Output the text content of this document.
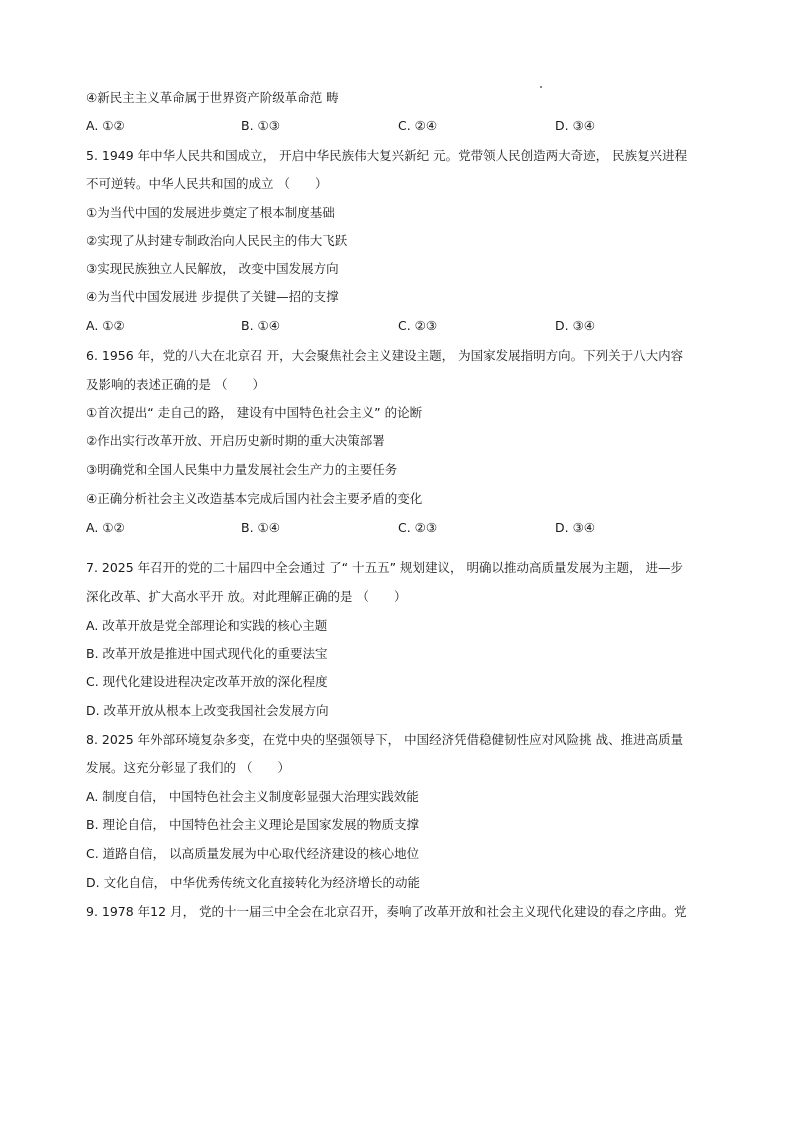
④新民主主义革命属于世界资产阶级革命范 畴
A. ①②	B. ①③	C. ②④	D. ③④
5. 1949 年中华人民共和国成立， 开启中华民族伟大复兴新纪 元。党带领人民创造两大奇迹， 民族复兴进程
不可逆转。中华人民共和国的成立 （　　）
①为当代中国的发展进步奠定了根本制度基础
②实现了从封建专制政治向人民民主的伟大飞跃
③实现民族独立人民解放， 改变中国发展方向
④为当代中国发展进 步提供了关键—招的支撑
A. ①②	B. ①④	C. ②③	D. ③④
6. 1956 年，党的八大在北京召 开，大会聚焦社会主义建设主题， 为国家发展指明方向。下列关于八大内容
及影响的表述正确的是 （　　）
①首次提出“ 走自己的路， 建设有中国特色社会主义” 的论断
②作出实行改革开放、开启历史新时期的重大决策部署
③明确党和全国人民集中力量发展社会生产力的主要任务
④正确分析社会主义改造基本完成后国内社会主要矛盾的变化
A. ①②	B. ①④	C. ②③	D. ③④
7. 2025 年召开的党的二十届四中全会通过 了“ 十五五” 规划建议， 明确以推动高质量发展为主题， 进—步
深化改革、扩大高水平开 放。对此理解正确的是 （　　）
A. 改革开放是党全部理论和实践的核心主题
B. 改革开放是推进中国式现代化的重要法宝
C. 现代化建设进程决定改革开放的深化程度
D. 改革开放从根本上改变我国社会发展方向
8. 2025 年外部环境复杂多变，在党中央的坚强领导下， 中国经济凭借稳健韧性应对风险挑 战、推进高质量
发展。这充分彰显了我们的 （　　）
A. 制度自信， 中国特色社会主义制度彰显强大治理实践效能
B. 理论自信， 中国特色社会主义理论是国家发展的物质支撑
C. 道路自信， 以高质量发展为中心取代经济建设的核心地位
D. 文化自信， 中华优秀传统文化直接转化为经济增长的动能
9. 1978 年12 月， 党的十一届三中全会在北京召开，奏响了改革开放和社会主义现代化建设的春之序曲。党
